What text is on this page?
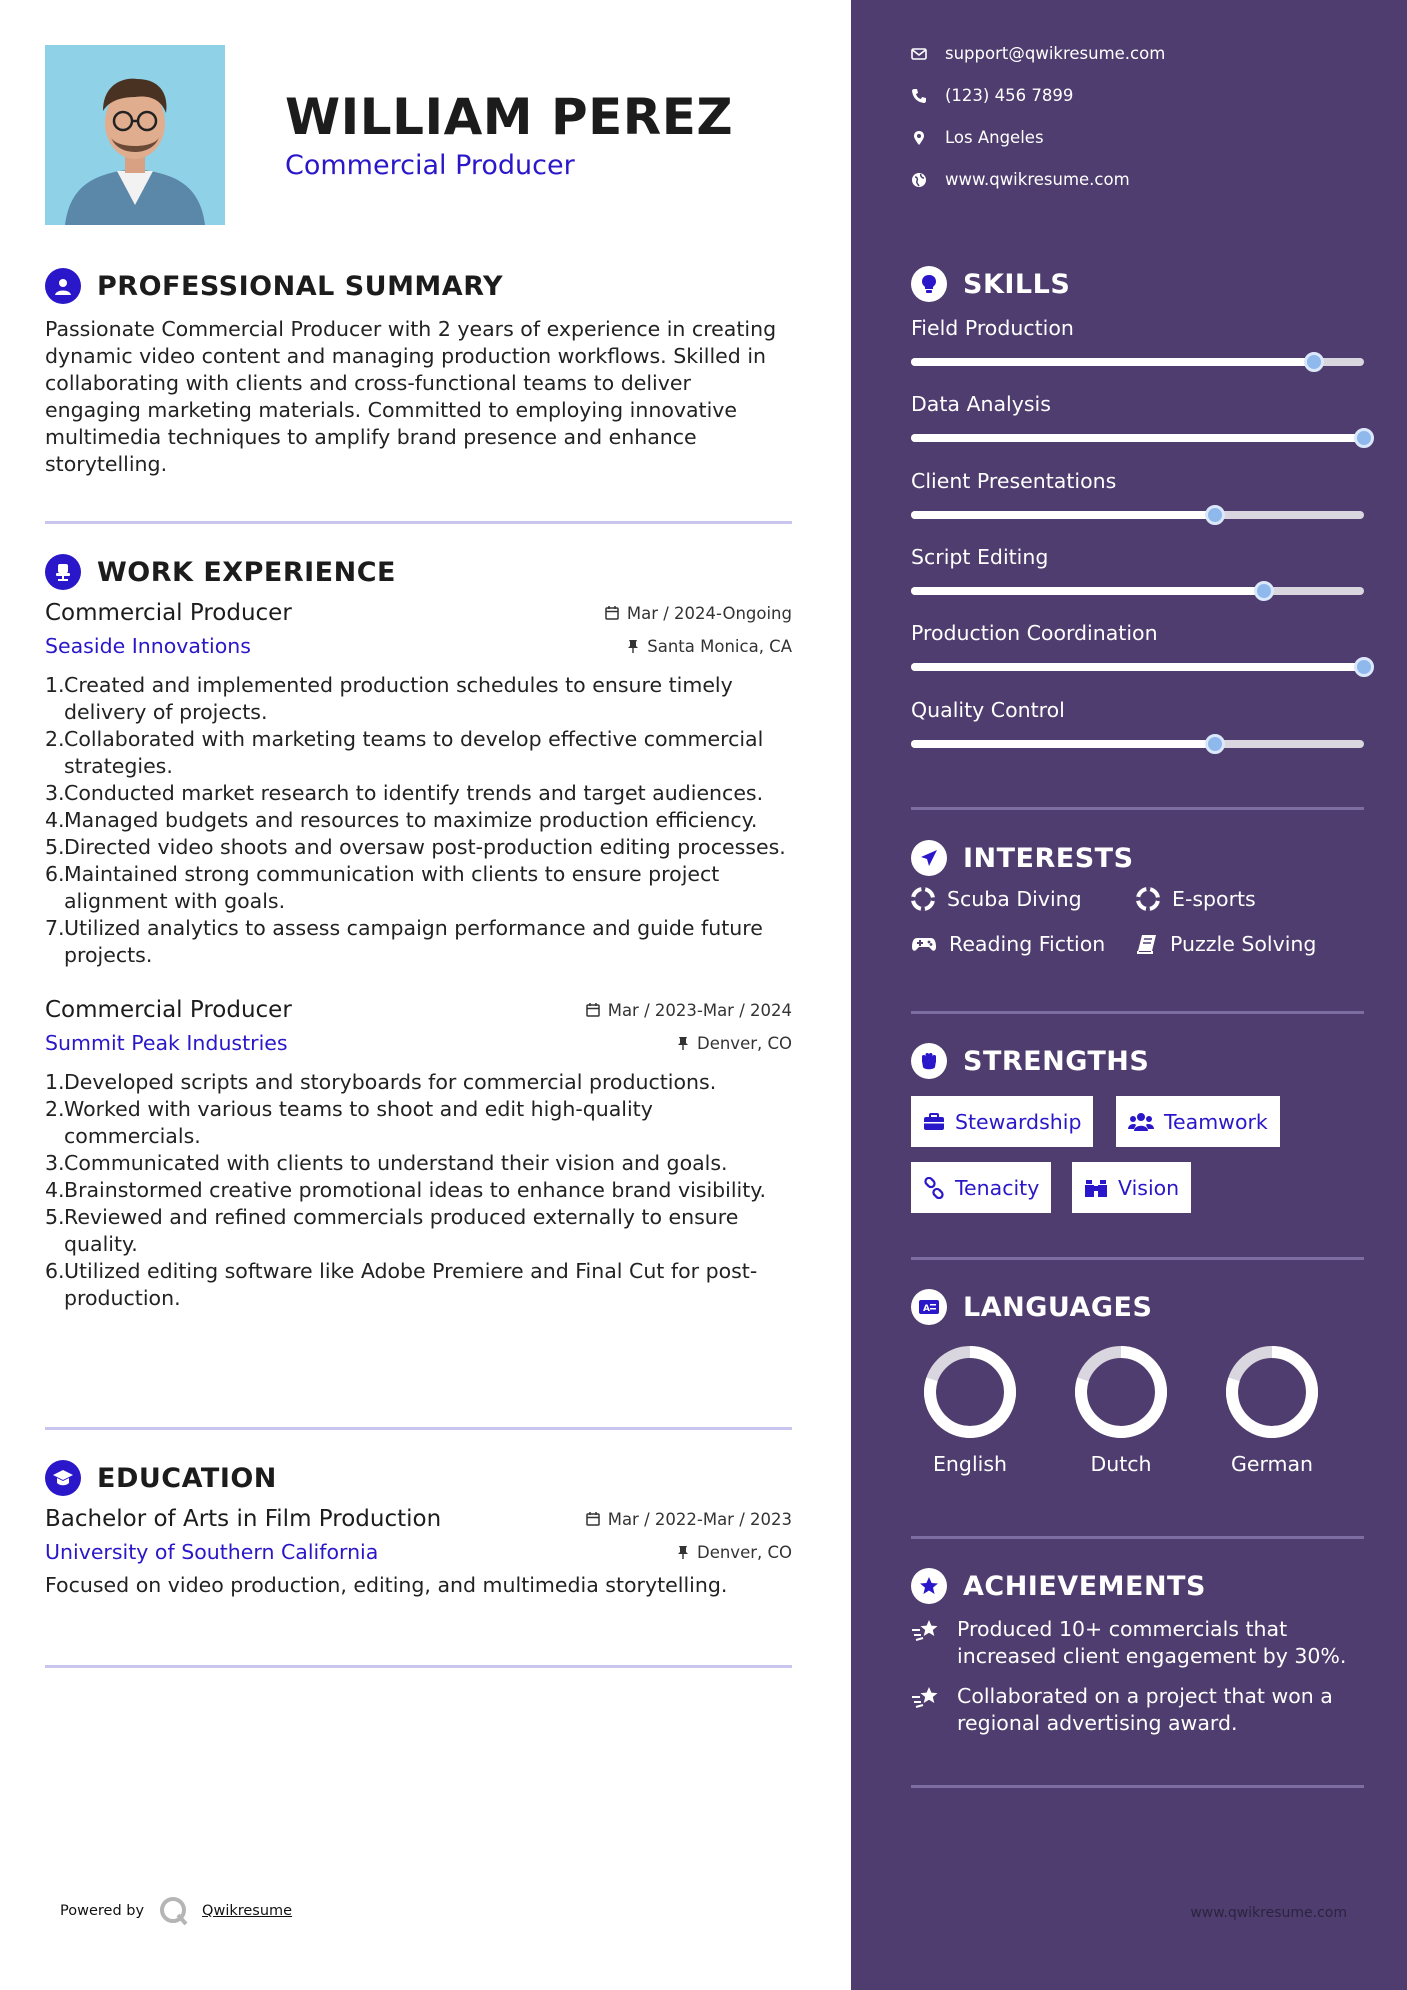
WILLIAM PEREZ
Commercial Producer
PROFESSIONAL SUMMARY
Passionate Commercial Producer with 2 years of experience in creating dynamic video content and managing production workflows. Skilled in collaborating with clients and cross-functional teams to deliver engaging marketing materials. Committed to employing innovative multimedia techniques to amplify brand presence and enhance storytelling.
WORK EXPERIENCE
Commercial Producer	Mar / 2024-Ongoing
Seaside Innovations	Santa Monica, CA
1. Created and implemented production schedules to ensure timely delivery of projects.
2. Collaborated with marketing teams to develop effective commercial strategies.
3. Conducted market research to identify trends and target audiences.
4. Managed budgets and resources to maximize production efficiency.
5. Directed video shoots and oversaw post-production editing processes.
6. Maintained strong communication with clients to ensure project alignment with goals.
7. Utilized analytics to assess campaign performance and guide future projects.
Commercial Producer	Mar / 2023-Mar / 2024
Summit Peak Industries	Denver, CO
1. Developed scripts and storyboards for commercial productions.
2. Worked with various teams to shoot and edit high-quality commercials.
3. Communicated with clients to understand their vision and goals.
4. Brainstormed creative promotional ideas to enhance brand visibility.
5. Reviewed and refined commercials produced externally to ensure quality.
6. Utilized editing software like Adobe Premiere and Final Cut for post-production.
EDUCATION
Bachelor of Arts in Film Production	Mar / 2022-Mar / 2023
University of Southern California	Denver, CO
Focused on video production, editing, and multimedia storytelling.
Powered by	Qwikresume
support@qwikresume.com
(123) 456 7899
Los Angeles
www.qwikresume.com
SKILLS
Field Production
Data Analysis
Client Presentations
Script Editing
Production Coordination
Quality Control
INTERESTS
Scuba Diving	E-sports
Reading Fiction	Puzzle Solving
STRENGTHS
Stewardship	Teamwork
Tenacity	Vision
A LANGUAGES
English	Dutch	German
ACHIEVEMENTS
Produced 10+ commercials that increased client engagement by 30%.
Collaborated on a project that won a regional advertising award.
www.qwikresume.com
